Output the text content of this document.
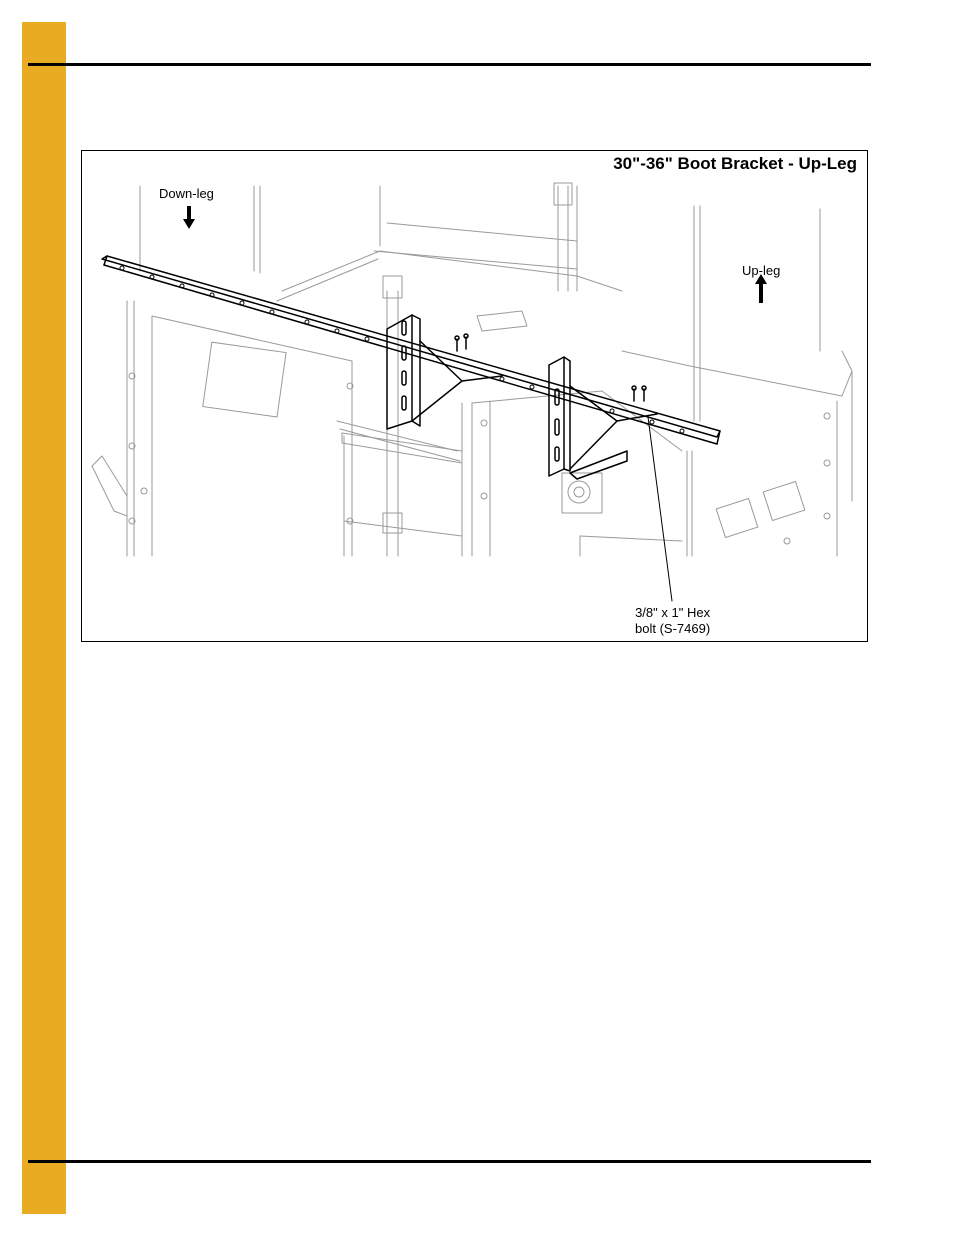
30"-36" Boot Bracket - Up-Leg
Down-leg
Up-leg
3/8" x 1" Hex
bolt (S-7469)
